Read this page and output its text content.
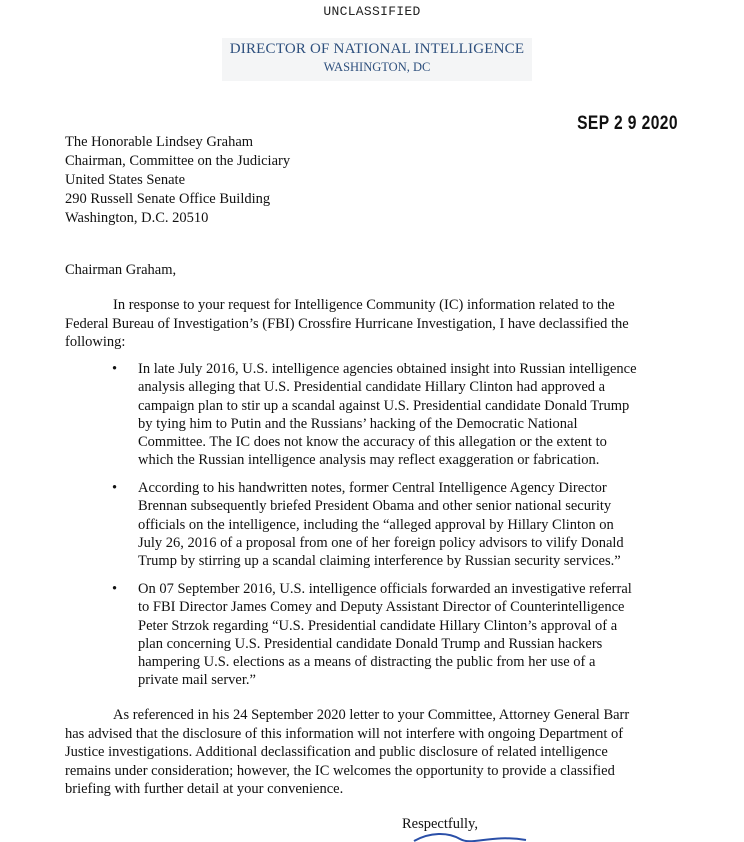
UNCLASSIFIED
DIRECTOR OF NATIONAL INTELLIGENCE
WASHINGTON, DC
SEP 2 9 2020
The Honorable Lindsey Graham
Chairman, Committee on the Judiciary
United States Senate
290 Russell Senate Office Building
Washington, D.C. 20510
Chairman Graham,
In response to your request for Intelligence Community (IC) information related to the
Federal Bureau of Investigation’s (FBI) Crossfire Hurricane Investigation, I have declassified the
following:
•	In late July 2016, U.S. intelligence agencies obtained insight into Russian intelligence
analysis alleging that U.S. Presidential candidate Hillary Clinton had approved a
campaign plan to stir up a scandal against U.S. Presidential candidate Donald Trump
by tying him to Putin and the Russians’ hacking of the Democratic National
Committee. The IC does not know the accuracy of this allegation or the extent to
which the Russian intelligence analysis may reflect exaggeration or fabrication.
•	According to his handwritten notes, former Central Intelligence Agency Director
Brennan subsequently briefed President Obama and other senior national security
officials on the intelligence, including the “alleged approval by Hillary Clinton on
July 26, 2016 of a proposal from one of her foreign policy advisors to vilify Donald
Trump by stirring up a scandal claiming interference by Russian security services.”
•	On 07 September 2016, U.S. intelligence officials forwarded an investigative referral
to FBI Director James Comey and Deputy Assistant Director of Counterintelligence
Peter Strzok regarding “U.S. Presidential candidate Hillary Clinton’s approval of a
plan concerning U.S. Presidential candidate Donald Trump and Russian hackers
hampering U.S. elections as a means of distracting the public from her use of a
private mail server.”
As referenced in his 24 September 2020 letter to your Committee, Attorney General Barr
has advised that the disclosure of this information will not interfere with ongoing Department of
Justice investigations. Additional declassification and public disclosure of related intelligence
remains under consideration; however, the IC welcomes the opportunity to provide a classified
briefing with further detail at your convenience.
Respectfully,
